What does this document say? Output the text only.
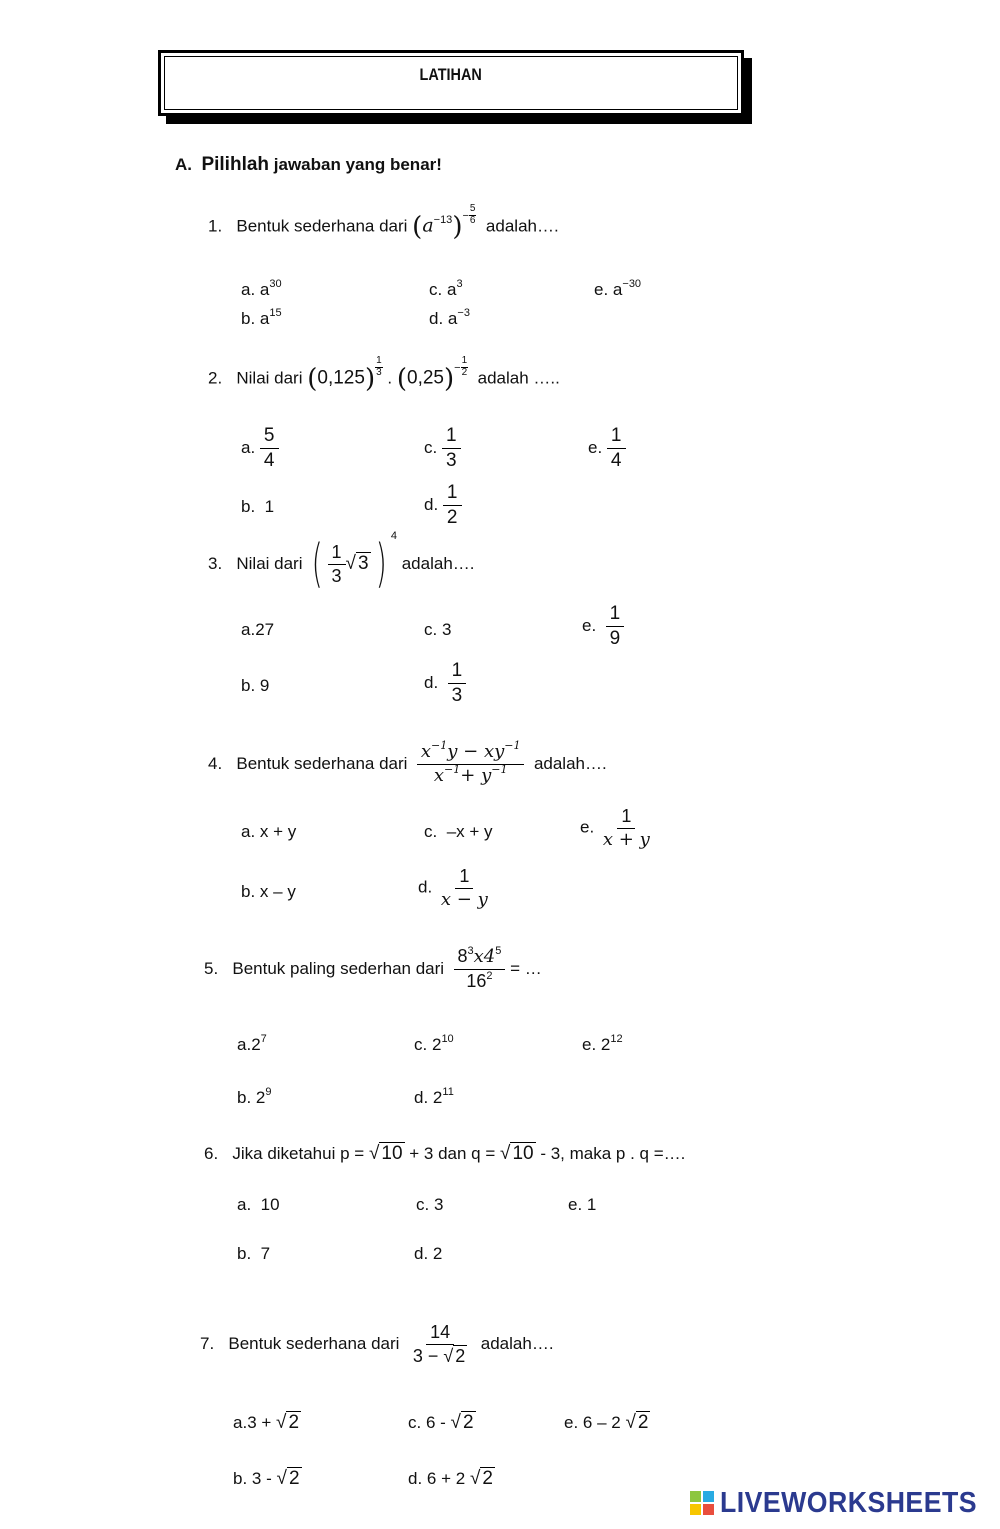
LATIHAN
A. Pilihlah jawaban yang benar!
1. Bentuk sederhana dari $(a^{-13})^- \frac{5}{6}$ adalah….
a. $a^{30}$
b. $a^{15}$
c. $a^3$
d. $a^{-3}$
e. $a^{-30}$
2. Nilai dari $(0,125) \frac{1}{3}$ . $(0,25)^- \frac{1}{2}$ adalah …..
a. $\frac{5}{4}$
b. 1
c. $\frac{1}{3}$
d. $\frac{1}{2}$
e. $\frac{1}{4}$
3.
Nilai dari
( $\frac{1}{3}$ √ 3 ) 4

adalah….
a.27
b. 9
c. 3
d. $\frac{1}{3}$
e. $\frac{1}{9}$
4.
Bentuk sederhana dari
$\frac{x^{-1}y - xy^{-1}}{x^{-1}+ y^{-1}}$
adalah….
a. x + y
b. x – y
c. –x + y
d. $\frac{1}{x - y}$
e. $\frac{1}{x + y}$
5.
Bentuk paling sederhan dari
$\frac{8^3x4^5}{16^2}$
= …
$a.2^7$
b. $2^9$
c. $2^{10}$
d. $2^{11}$
e. $2^{12}$
6. Jika diketahui p = √ 10 + 3 dan q = √ 10 - 3, maka p . q =….
a. 10
b. 7
c. 3
d. 2
e. 1
7.
Bentuk sederhana dari
$\frac{14}{3 - √ 2}$
adalah….
a.3 + √ 2
b. 3 - √ 2
c. 6 - √ 2
d. 6 + 2 √ 2
e. 6 – 2 √ 2
LIVEWORKSHEETS
